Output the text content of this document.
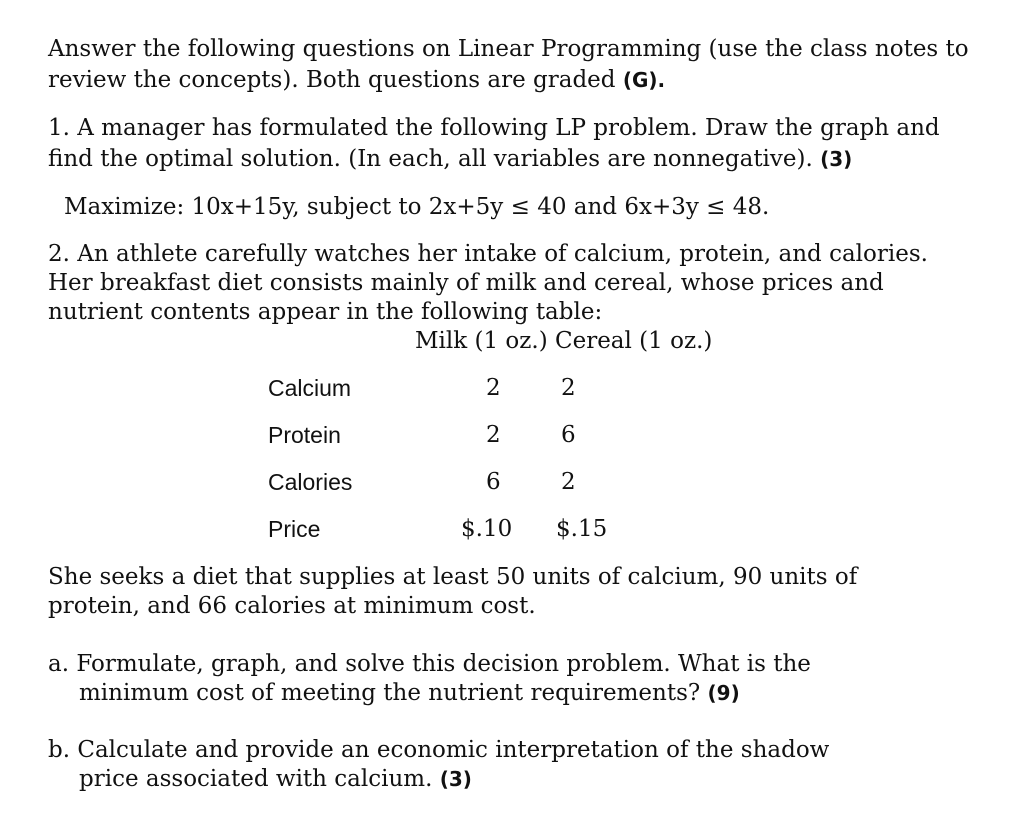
Answer the following questions on Linear Programming (use the class notes to
review the concepts). Both questions are graded (G).
1. A manager has formulated the following LP problem. Draw the graph and
find the optimal solution. (In each, all variables are nonnegative). (3)
Maximize: 10x+15y, subject to 2x+5y ≤ 40 and 6x+3y ≤ 48.
2. An athlete carefully watches her intake of calcium, protein, and calories.
Her breakfast diet consists mainly of milk and cereal, whose prices and
nutrient contents appear in the following table:
Milk (1 oz.) Cereal (1 oz.)
Calcium	2	2
Protein	2	6
Calories	6	2
Price	$.10 $.15
She seeks a diet that supplies at least 50 units of calcium, 90 units of
protein, and 66 calories at minimum cost.
a. Formulate, graph, and solve this decision problem. What is the
minimum cost of meeting the nutrient requirements? (9)
b. Calculate and provide an economic interpretation of the shadow
price associated with calcium. (3)
